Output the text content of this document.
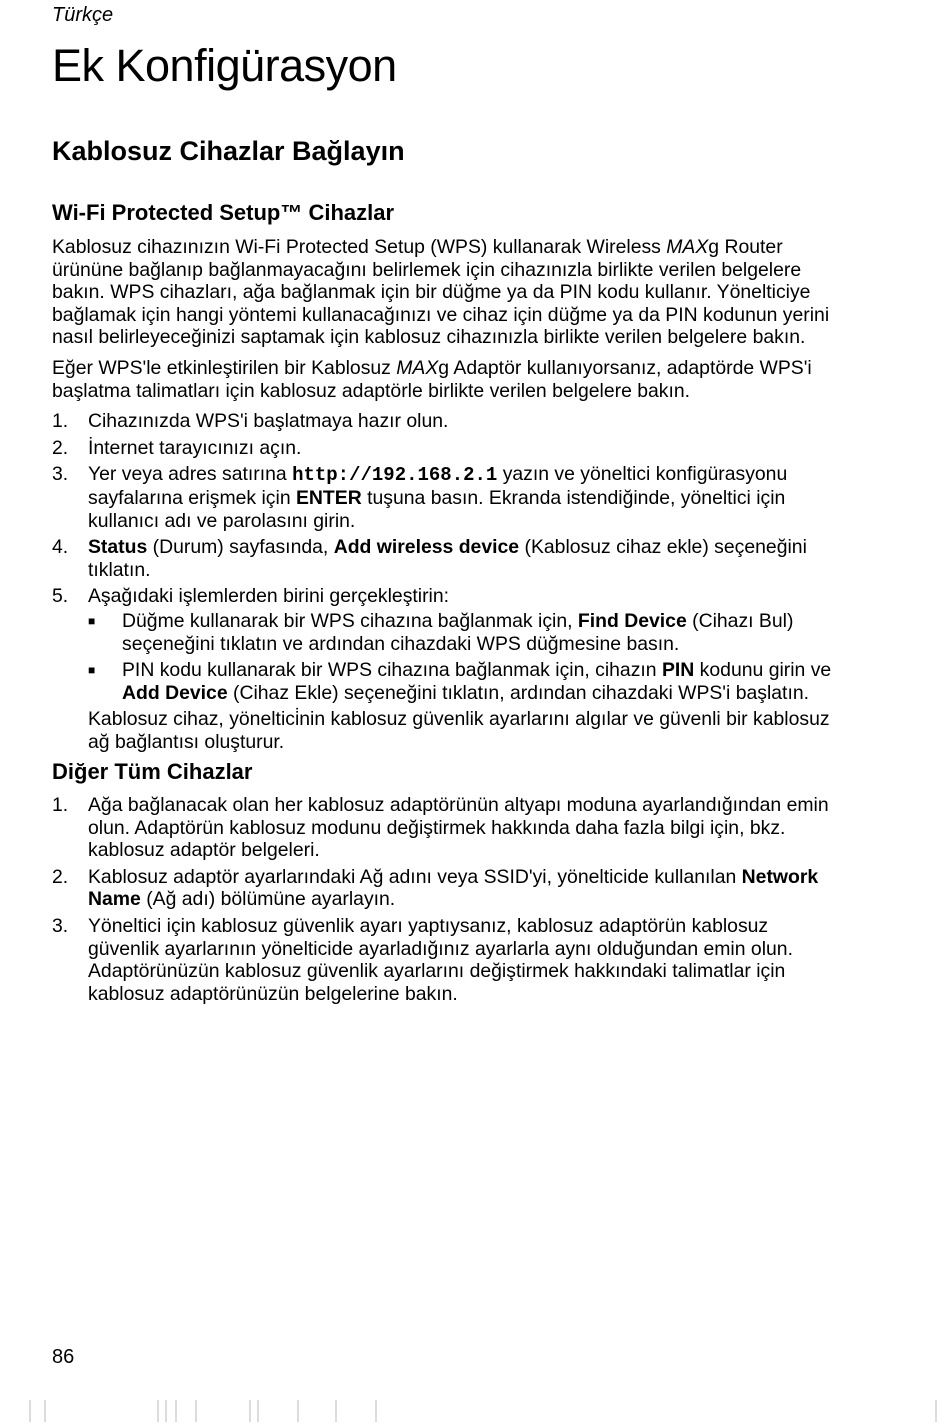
Türkçe
Ek Konfigürasyon
Kablosuz Cihazlar Bağlayın
Wi-Fi Protected Setup™ Cihazlar

Kablosuz cihazınızın Wi-Fi Protected Setup (WPS) kullanarak Wireless MAXg Router ürününe bağlanıp bağlanmayacağını belirlemek için cihazınızla birlikte verilen belgelere bakın. WPS cihazları, ağa bağlanmak için bir düğme ya da PIN kodu kullanır. Yönelticiye bağlamak için hangi yöntemi kullanacağınızı ve cihaz için düğme ya da PIN kodunun yerini nasıl belirleyeceğinizi saptamak için kablosuz cihazınızla birlikte verilen belgelere bakın.

Eğer WPS'le etkinleştirilen bir Kablosuz MAXg Adaptör kullanıyorsanız, adaptörde WPS'i başlatma talimatları için kablosuz adaptörle birlikte verilen belgelere bakın.

1.	Cihazınızda WPS'i başlatmaya hazır olun.
2.	İnternet tarayıcınızı açın.
3.	Yer veya adres satırına http://192.168.2.1 yazın ve yöneltici konfigürasyonu sayfalarına erişmek için ENTER tuşuna basın. Ekranda istendiğinde, yöneltici için kullanıcı adı ve parolasını girin.
4.	Status (Durum) sayfasında, Add wireless device (Kablosuz cihaz ekle) seçeneğini tıklatın.
5.	Aşağıdaki işlemlerden birini gerçekleştirin:
■	Düğme kullanarak bir WPS cihazına bağlanmak için, Find Device (Cihazı Bul) seçeneğini tıklatın ve ardından cihazdaki WPS düğmesine basın.
■	PIN kodu kullanarak bir WPS cihazına bağlanmak için, cihazın PIN kodunu girin ve Add Device (Cihaz Ekle) seçeneğini tıklatın, ardından cihazdaki WPS'i başlatın.
Kablosuz cihaz, yöneltici̇nin kablosuz güvenlik ayarlarını algılar ve güvenli bir kablosuz ağ bağlantısı oluşturur.
Diğer Tüm Cihazlar
1.	Ağa bağlanacak olan her kablosuz adaptörünün altyapı moduna ayarlandığından emin olun. Adaptörün kablosuz modunu değiştirmek hakkında daha fazla bilgi için, bkz. kablosuz adaptör belgeleri.
2.	Kablosuz adaptör ayarlarındaki Ağ adını veya SSID'yi, yönelticide kullanılan Network Name (Ağ adı) bölümüne ayarlayın.
3.	Yöneltici için kablosuz güvenlik ayarı yaptıysanız, kablosuz adaptörün kablosuz güvenlik ayarlarının yönelticide ayarladığınız ayarlarla aynı olduğundan emin olun. Adaptörünüzün kablosuz güvenlik ayarlarını değiştirmek hakkındaki talimatlar için kablosuz adaptörünüzün belgelerine bakın.
86
